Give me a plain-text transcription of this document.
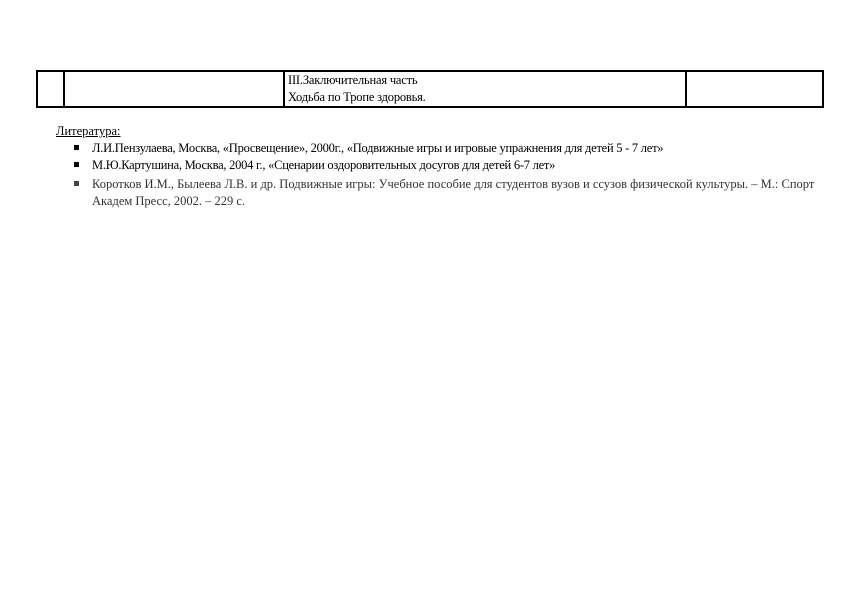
III.Заключительная часть
Ходьба по Тропе здоровья.

Литература:
Л.И.Пензулаева, Москва, «Просвещение», 2000г., «Подвижные игры и игровые упражнения для детей 5 - 7 лет»
М.Ю.Картушина, Москва, 2004 г., «Сценарии оздоровительных досугов для детей 6-7 лет»
Коротков И.М., Былеева Л.В. и др. Подвижные игры: Учебное пособие для студентов вузов и ссузов физической культуры. – М.: Спорт Академ Пресс, 2002. – 229 с.
